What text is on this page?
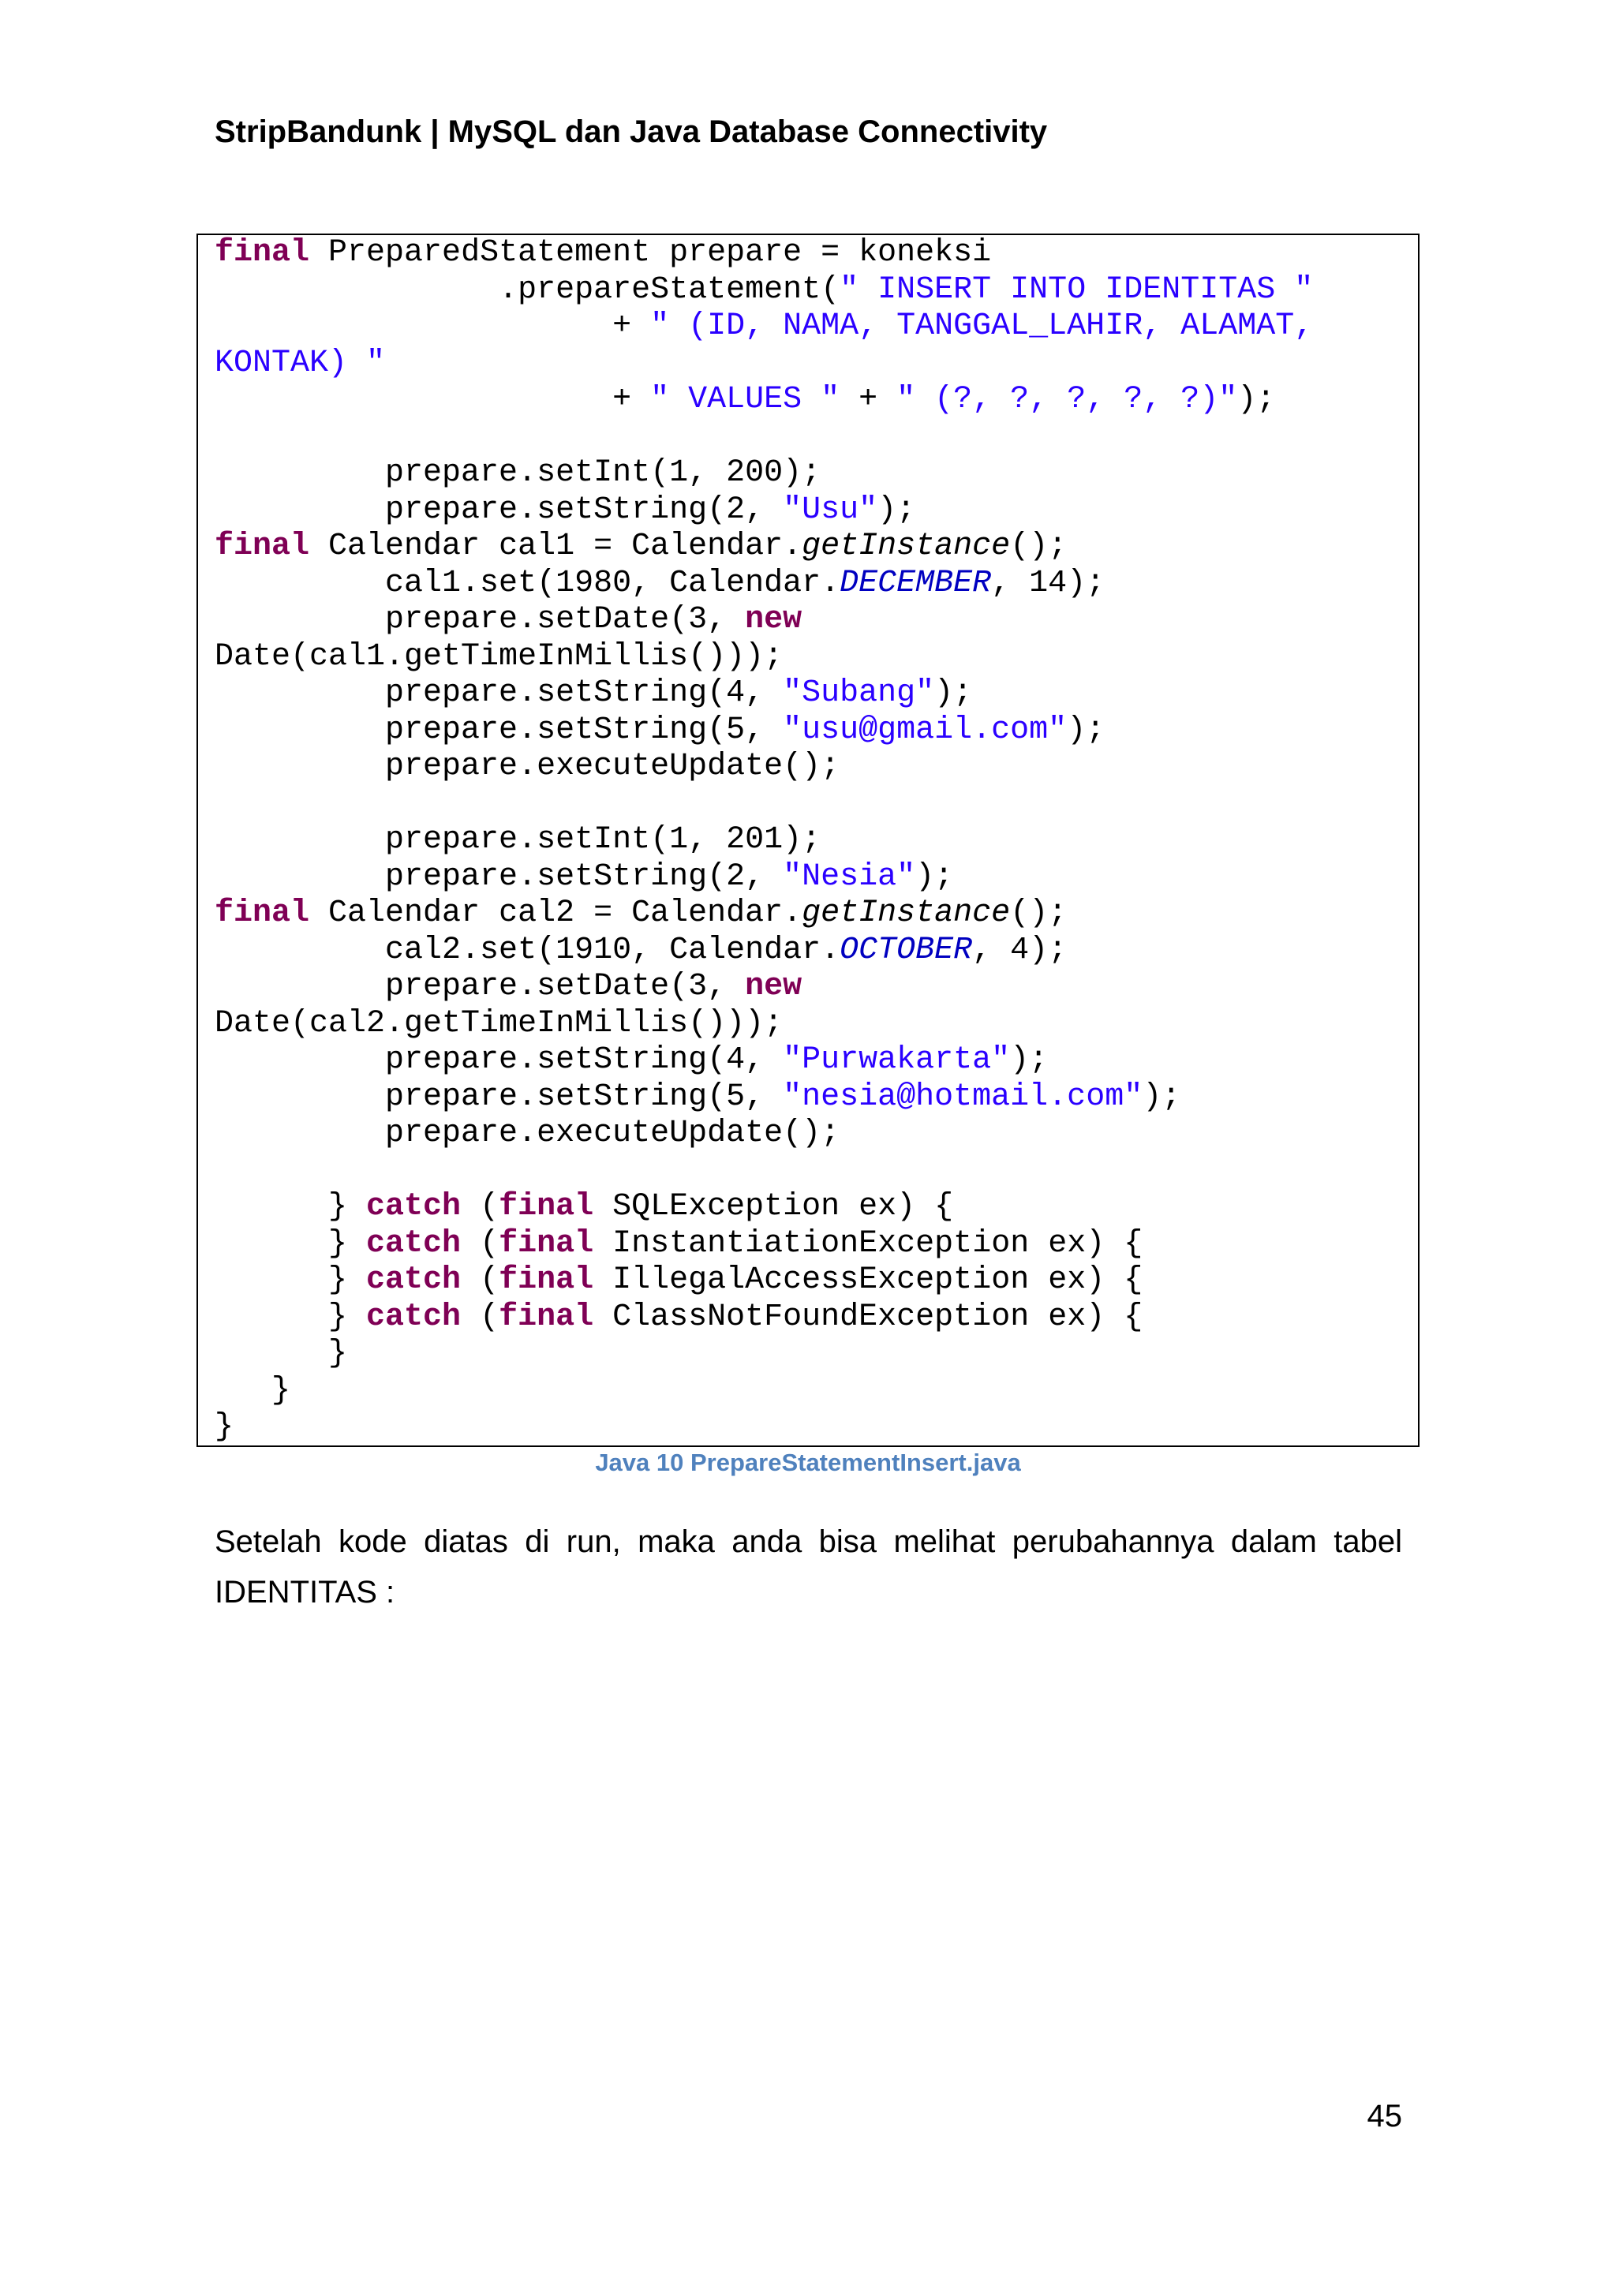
StripBandunk | MySQL dan Java Database Connectivity
final PreparedStatement prepare = koneksi
.prepareStatement(" INSERT INTO IDENTITAS "
+ " (ID, NAMA, TANGGAL_LAHIR, ALAMAT,
KONTAK) "
+ " VALUES " + " (?, ?, ?, ?, ?)");
prepare.setInt(1, 200);
prepare.setString(2, "Usu");
final Calendar cal1 = Calendar.getInstance();
cal1.set(1980, Calendar.DECEMBER, 14);
prepare.setDate(3, new
Date(cal1.getTimeInMillis()));
prepare.setString(4, "Subang");
prepare.setString(5, "usu@gmail.com");
prepare.executeUpdate();
prepare.setInt(1, 201);
prepare.setString(2, "Nesia");
final Calendar cal2 = Calendar.getInstance();
cal2.set(1910, Calendar.OCTOBER, 4);
prepare.setDate(3, new
Date(cal2.getTimeInMillis()));
prepare.setString(4, "Purwakarta");
prepare.setString(5, "nesia@hotmail.com");
prepare.executeUpdate();
} catch (final SQLException ex) {
} catch (final InstantiationException ex) {
} catch (final IllegalAccessException ex) {
} catch (final ClassNotFoundException ex) {
}
}
}
Java 10 PrepareStatementInsert.java
Setelah kode diatas di run, maka anda bisa melihat perubahannya dalam tabel IDENTITAS :
45
